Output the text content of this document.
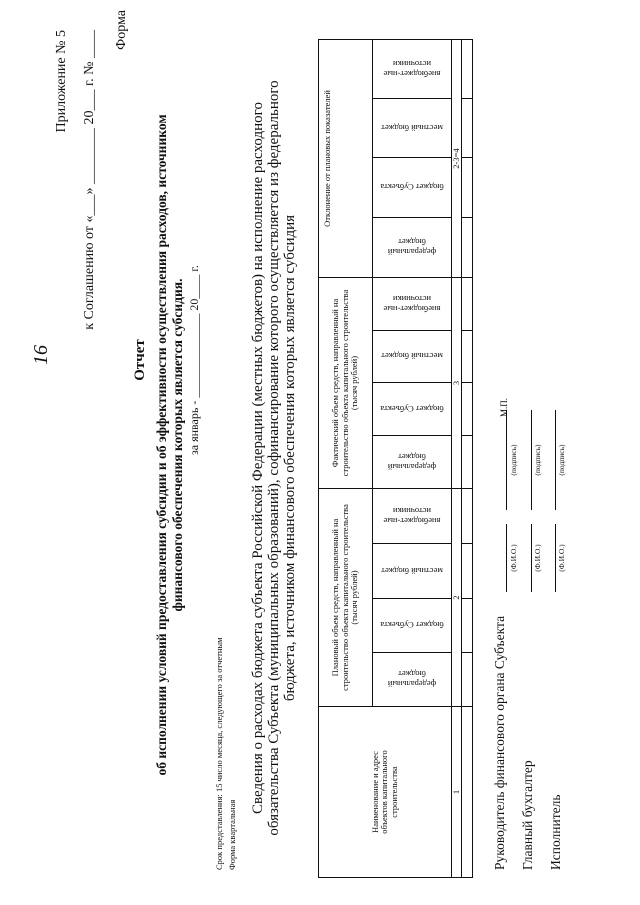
16
Приложение № 5 к Соглашению от «___» ________ 20___ г. № ____
Форма
Отчет об исполнении условий предоставления субсидии и об эффективности осуществления расходов, источником финансового обеспечения которых является субсидия. за январь - ______________ 20____ г.
Срок представления: 15 число месяца, следующего за отчетным Форма квартальная
Сведения о расходах бюджета субъекта Российской Федерации (местных бюджетов) на исполнение расходного обязательства Субъекта (муниципальных образований), софинансирование которого осуществляется из федерального бюджета, источником финансового обеспечения которых является субсидия
Наименование и адрес объектов капитального строительства	Плановый объем средств, направленный на строительство объекта капитального строительства (тысяч рублей)				Фактический объем средств, направленный на строительство объекта капитального строительства (тысяч рублей)				Отклонение от плановых показателей			

	федеральный бюджет	бюджет Субъекта	местный бюджет	внебюджет-ные источники	федеральный бюджет	бюджет Субъекта	местный бюджет	внебюджет-ные источники	федеральный бюджет	бюджет Субъекта	местный бюджет	внебюджет-ные источники

1	2				3				2-3=4			

Руководитель финансового органа Субъекта
(Ф.И.О.)
(подпись)
М.П.
Главный бухгалтер
(Ф.И.О.)
(подпись)
Исполнитель
(Ф.И.О.)
(подпись)
